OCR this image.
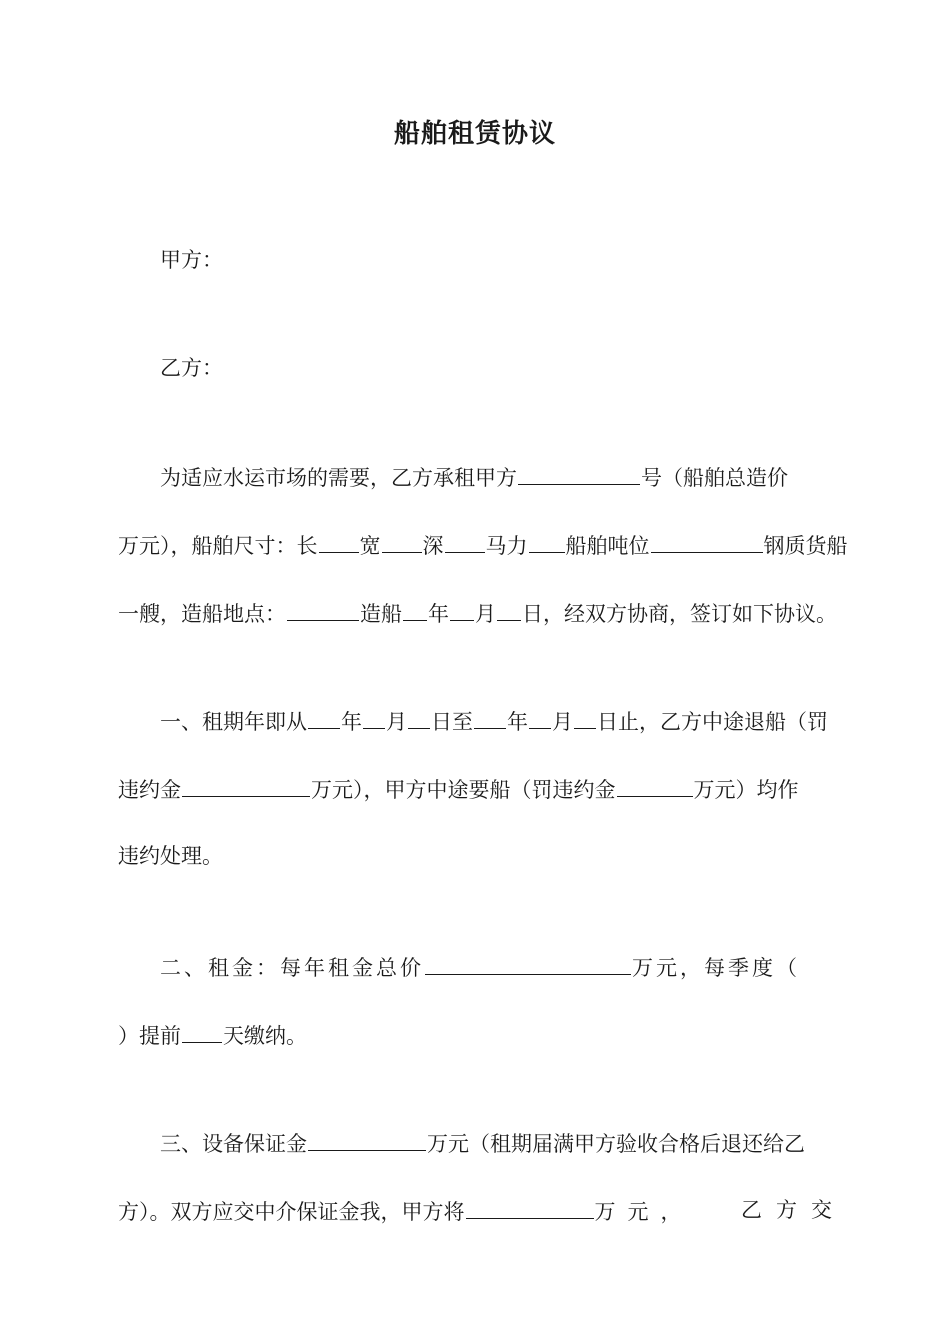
船舶租赁协议
甲方：
乙方：
为适应水运市场的需要，乙方承租甲方	号（船舶总造价
万元），船舶尺寸：长 宽 深 马力 船舶吨位	钢质货船
一艘，造船地点：	造船 年 月 日，经双方协商，签订如下协议。
一、租期年即从 年 月 日至 年 月 日止，乙方中途退船（罚
违约金	万元），甲方中途要船（罚违约金	万元）均作
违约处理。
二、租金：每年租金总价	万元，每季度（
）提前 天缴纳。
三、设备保证金	万元（租期届满甲方验收合格后退还给乙
方）。双方应交中介保证金我，甲方将	万元， 乙方交
